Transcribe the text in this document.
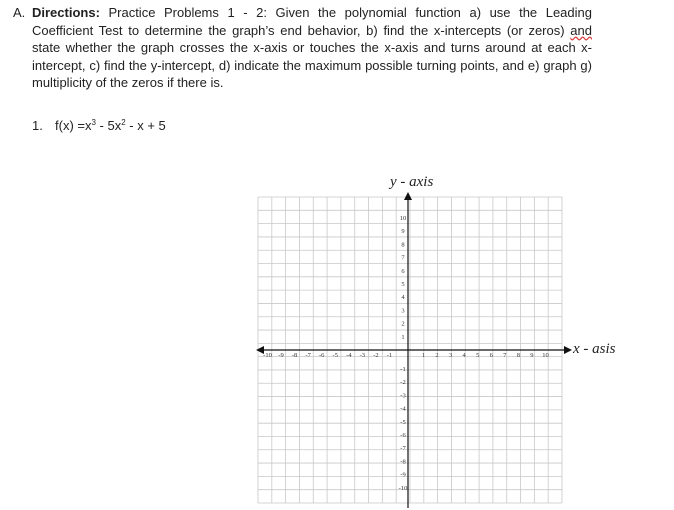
A. Directions: Practice Problems 1 - 2: Given the polynomial function a) use the Leading Coefficient Test to determine the graph’s end behavior, b) find the x-intercepts (or zeros) and state whether the graph crosses the x-axis or touches the x-axis and turns around at each x-intercept, c) find the y-intercept, d) indicate the maximum possible turning points, and e) graph g) multiplicity of the zeros if there is.
1. $f(x) =x^3 - 5x^2 - x + 5$
-10 -9 -8 -7 -6 -5 -4 -3 -2 -1	1 2 3 4 5 6 7 8 9 10
10
9
8
7
6
5
4
3
2
1
-1
-2
-3
-4
-5
-6
-7
-8
-9
-10
y - axis
x - asis
